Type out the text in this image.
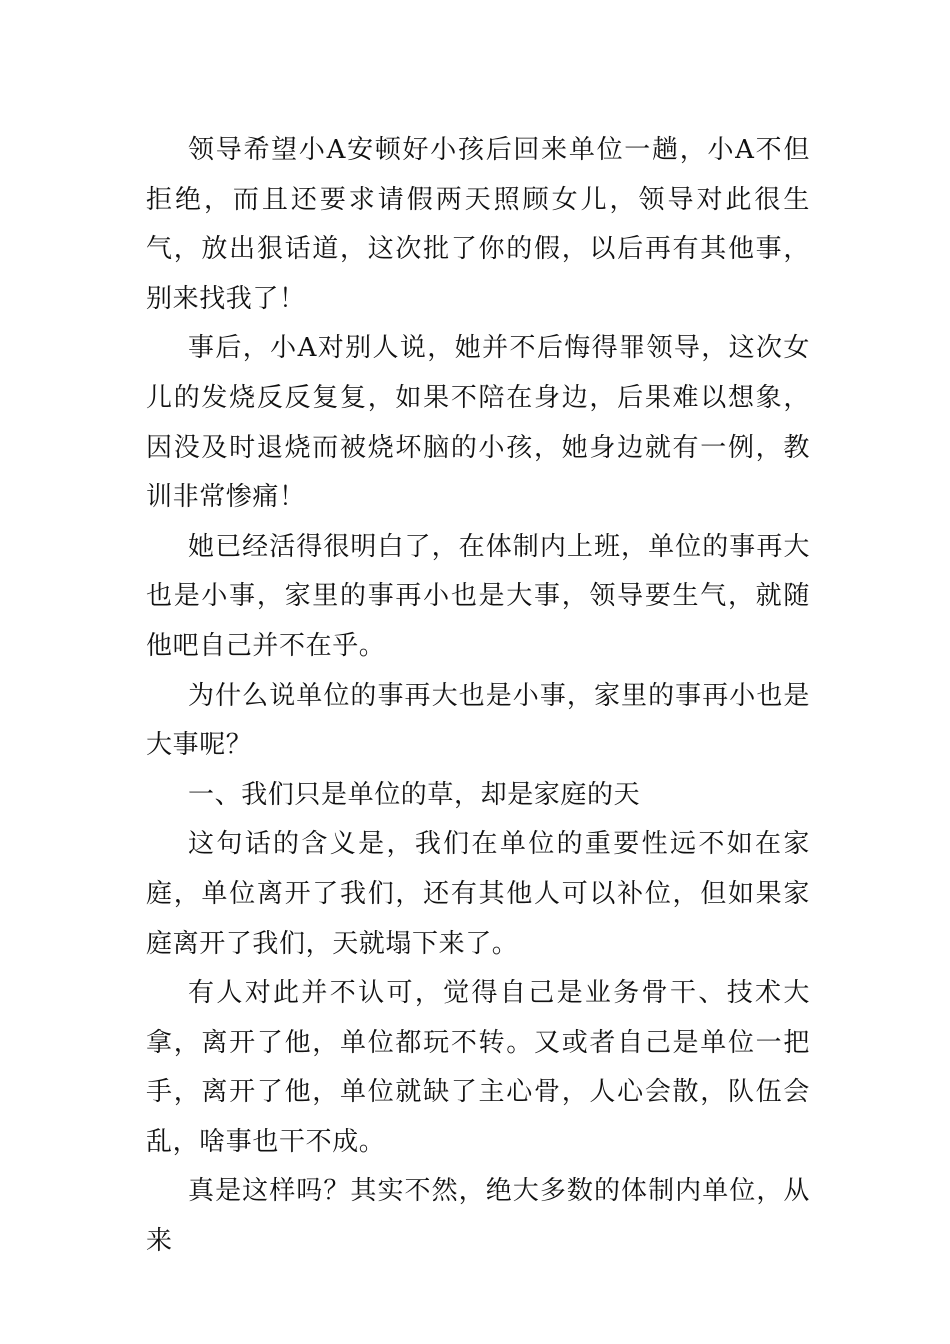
领导希望小A安顿好小孩后回来单位一趟，小A不但拒绝，而且还要求请假两天照顾女儿，领导对此很生气，放出狠话道，这次批了你的假，以后再有其他事，别来找我了！

事后，小A对别人说，她并不后悔得罪领导，这次女儿的发烧反反复复，如果不陪在身边，后果难以想象，因没及时退烧而被烧坏脑的小孩，她身边就有一例，教训非常惨痛！

她已经活得很明白了，在体制内上班，单位的事再大也是小事，家里的事再小也是大事，领导要生气，就随他吧自己并不在乎。

为什么说单位的事再大也是小事，家里的事再小也是大事呢？

一、我们只是单位的草，却是家庭的天

这句话的含义是，我们在单位的重要性远不如在家庭，单位离开了我们，还有其他人可以补位，但如果家庭离开了我们，天就塌下来了。

有人对此并不认可，觉得自己是业务骨干、技术大拿，离开了他，单位都玩不转。又或者自己是单位一把手，离开了他，单位就缺了主心骨，人心会散，队伍会乱，啥事也干不成。

真是这样吗？其实不然，绝大多数的体制内单位，从来
